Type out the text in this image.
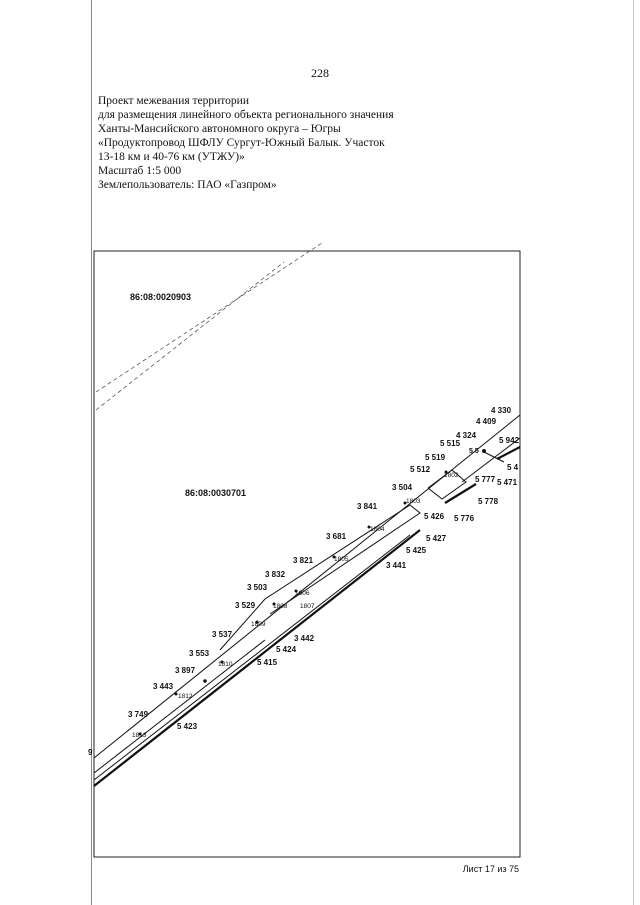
228
Проект межевания территории
для размещения линейного объекта регионального значения
Ханты-Мансийского автономного округа – Югры
«Продуктопровод ШФЛУ Сургут-Южный Балык. Участок
13-18 км и 40-76 км (УТЖУ)»
Масштаб 1:5 000
Землепользователь: ПАО «Газпром»
86:08:0020903
86:08:0030701
4 330
4 409
4 324
5 515	5 942
5 519
5 5
5 4
5 512
1802 5 777 5 471
3 504
5 778
3 841
1803
5 426 5 776
1804
3 681	5 427
5 425
3 821	1805
3 441
3 832
1806
3 503
3 529	1808 1807
1809
3 537	3 442
5 424
3 553
1810	5 415
3 897
3 443
1812
3 749
1813
5 423
9
Лист 17 из 75
